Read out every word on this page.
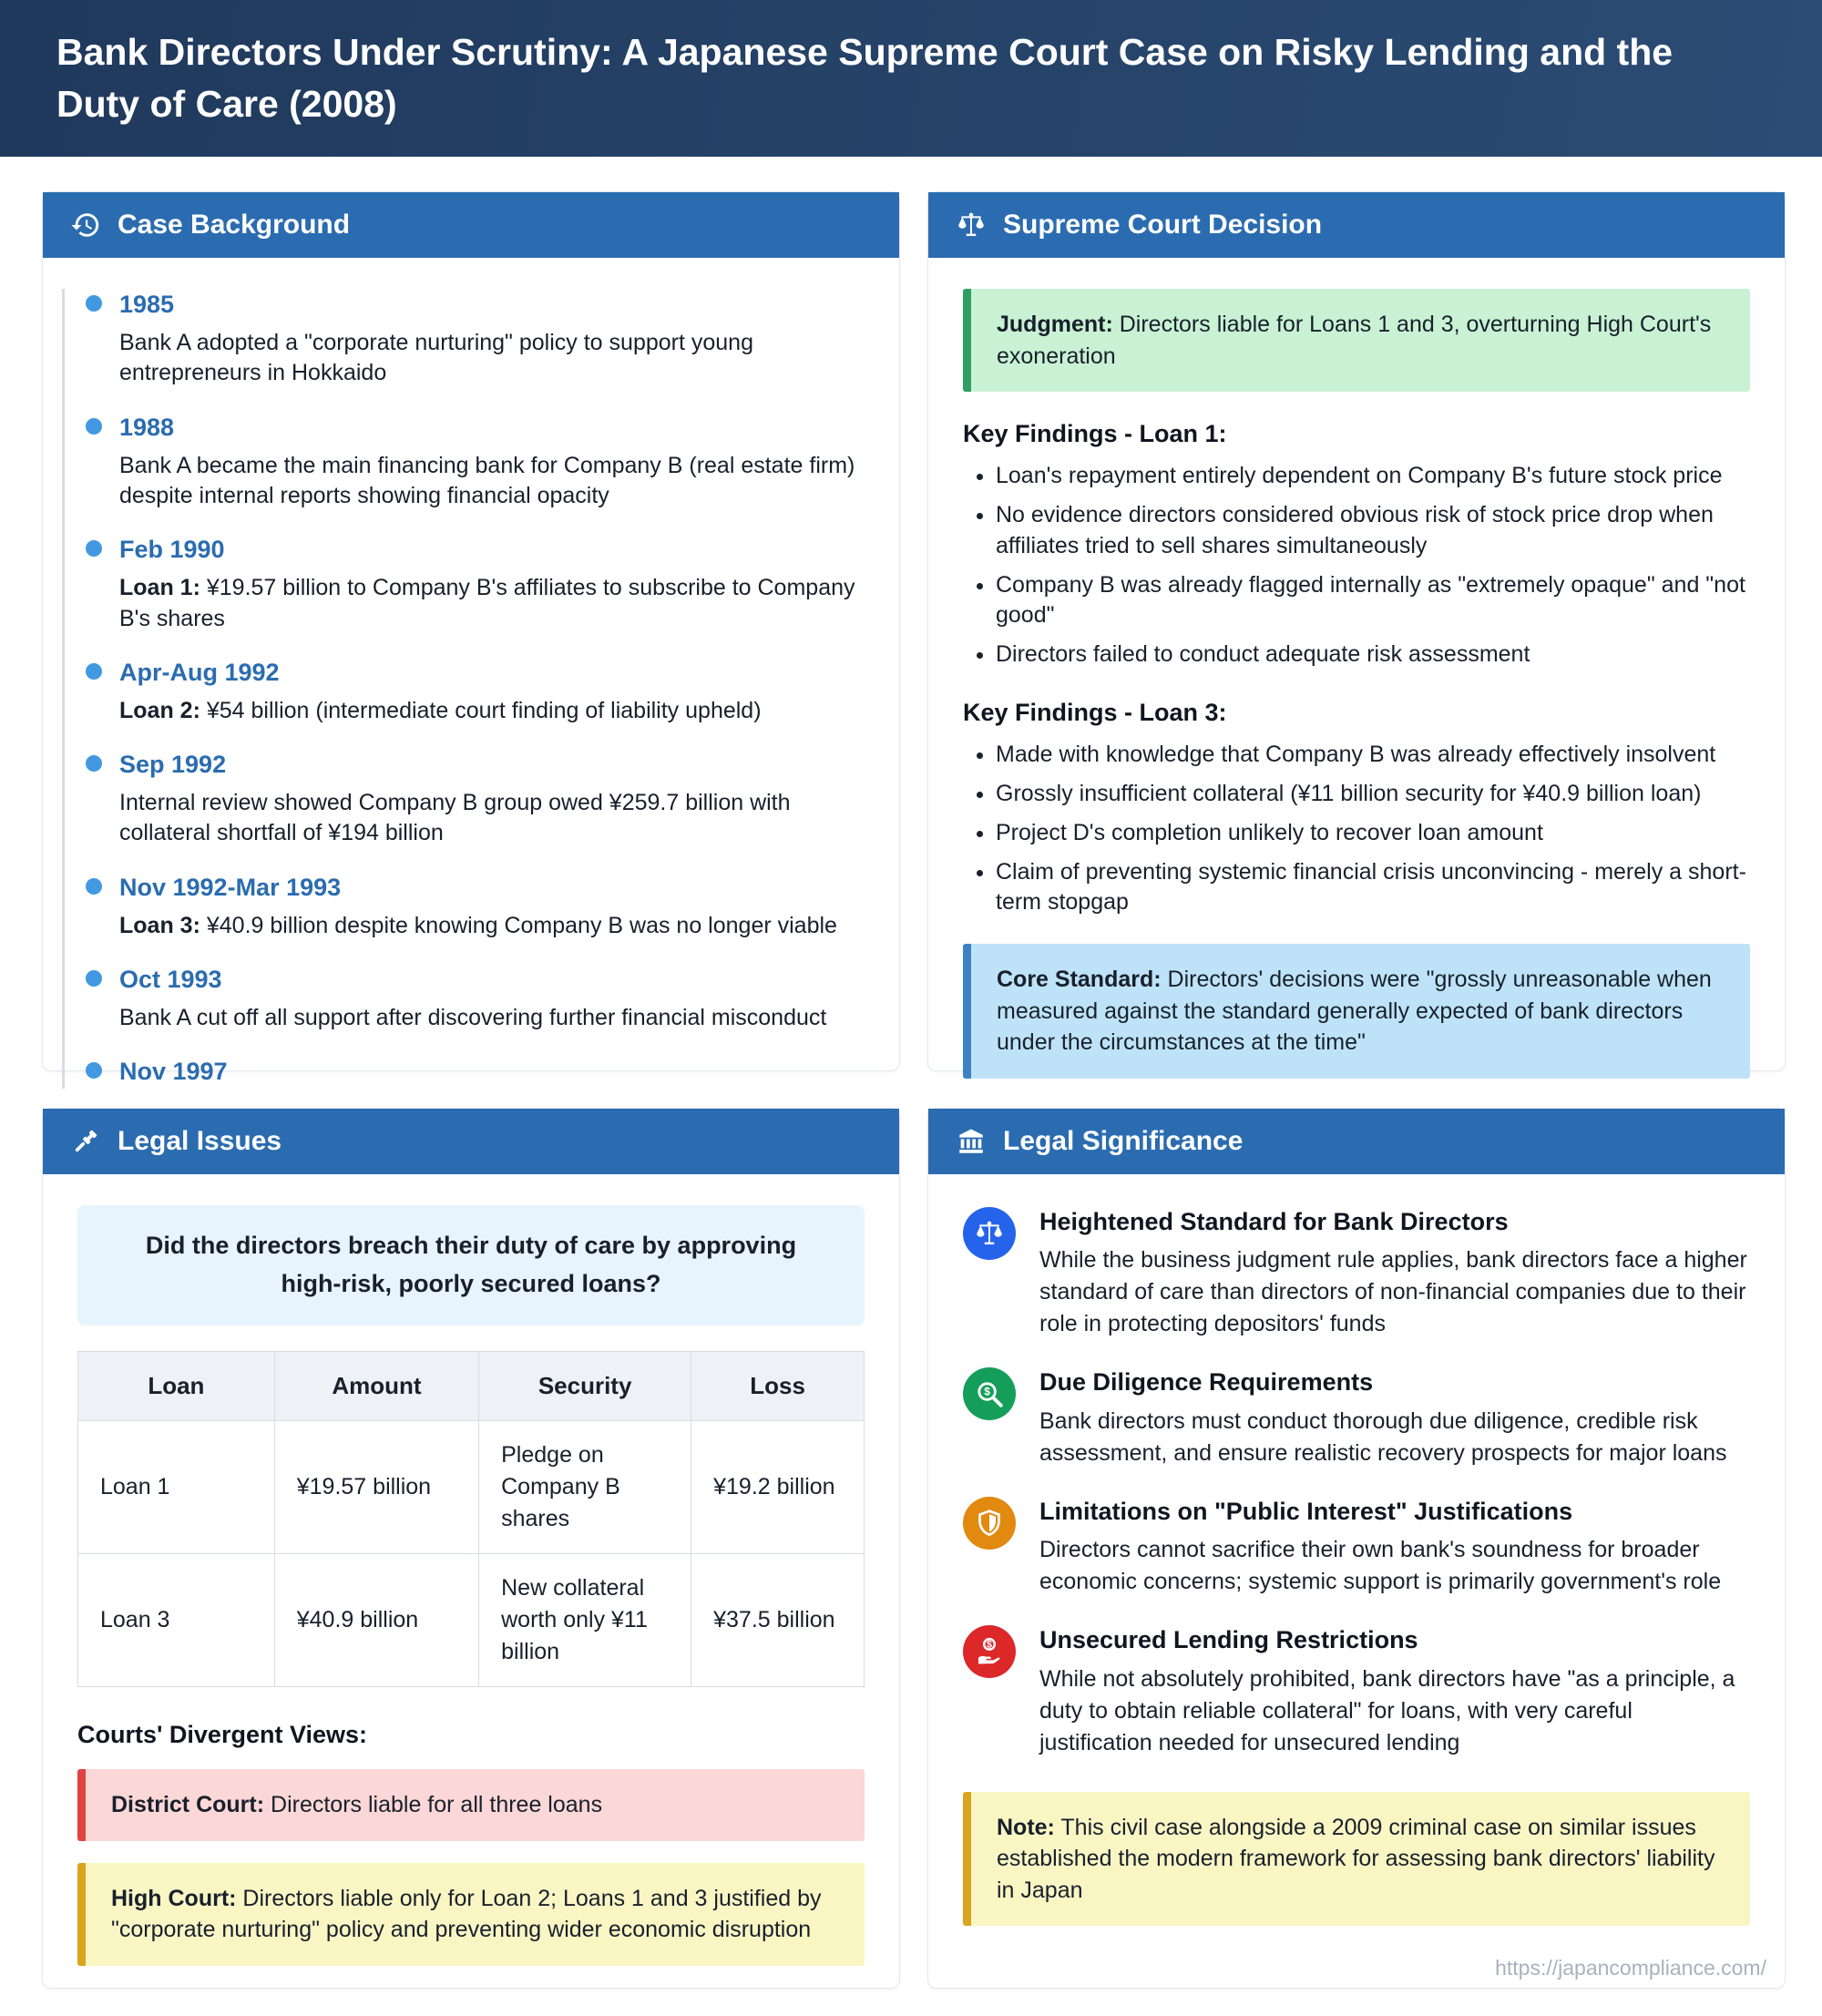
Bank Directors Under Scrutiny: A Japanese Supreme Court Case on Risky Lending and the Duty of Care (2008)
Case Background
1985
Bank A adopted a "corporate nurturing" policy to support young entrepreneurs in Hokkaido
1988
Bank A became the main financing bank for Company B (real estate firm) despite internal reports showing financial opacity
Feb 1990
Loan 1: ¥19.57 billion to Company B's affiliates to subscribe to Company B's shares
Apr-Aug 1992
Loan 2: ¥54 billion (intermediate court finding of liability upheld)
Sep 1992
Internal review showed Company B group owed ¥259.7 billion with collateral shortfall of ¥194 billion
Nov 1992-Mar 1993
Loan 3: ¥40.9 billion despite knowing Company B was no longer viable
Oct 1993
Bank A cut off all support after discovering further financial misconduct
Nov 1997
Supreme Court Decision
Judgment: Directors liable for Loans 1 and 3, overturning High Court's exoneration
Key Findings - Loan 1:
• Loan's repayment entirely dependent on Company B's future stock price
• No evidence directors considered obvious risk of stock price drop when affiliates tried to sell shares simultaneously
• Company B was already flagged internally as "extremely opaque" and "not good"
• Directors failed to conduct adequate risk assessment
Key Findings - Loan 3:
• Made with knowledge that Company B was already effectively insolvent
• Grossly insufficient collateral (¥11 billion security for ¥40.9 billion loan)
• Project D's completion unlikely to recover loan amount
• Claim of preventing systemic financial crisis unconvincing - merely a short-term stopgap
Core Standard: Directors' decisions were "grossly unreasonable when measured against the standard generally expected of bank directors under the circumstances at the time"
Legal Issues
Did the directors breach their duty of care by approving high-risk, poorly secured loans?
Loan	Amount	Security	Loss
Loan 1	¥19.57 billion	Pledge on Company B shares	¥19.2 billion
Loan 3	¥40.9 billion	New collateral worth only ¥11 billion	¥37.5 billion
Courts' Divergent Views:
District Court: Directors liable for all three loans
High Court: Directors liable only for Loan 2; Loans 1 and 3 justified by "corporate nurturing" policy and preventing wider economic disruption
Legal Significance
Heightened Standard for Bank Directors
While the business judgment rule applies, bank directors face a higher standard of care than directors of non-financial companies due to their role in protecting depositors' funds
$ Due Diligence Requirements
Bank directors must conduct thorough due diligence, credible risk assessment, and ensure realistic recovery prospects for major loans
Limitations on "Public Interest" Justifications
Directors cannot sacrifice their own bank's soundness for broader economic concerns; systemic support is primarily government's role
$ Unsecured Lending Restrictions
While not absolutely prohibited, bank directors have "as a principle, a duty to obtain reliable collateral" for loans, with very careful justification needed for unsecured lending
Note: This civil case alongside a 2009 criminal case on similar issues established the modern framework for assessing bank directors' liability in Japan
https://japancompliance.com/
